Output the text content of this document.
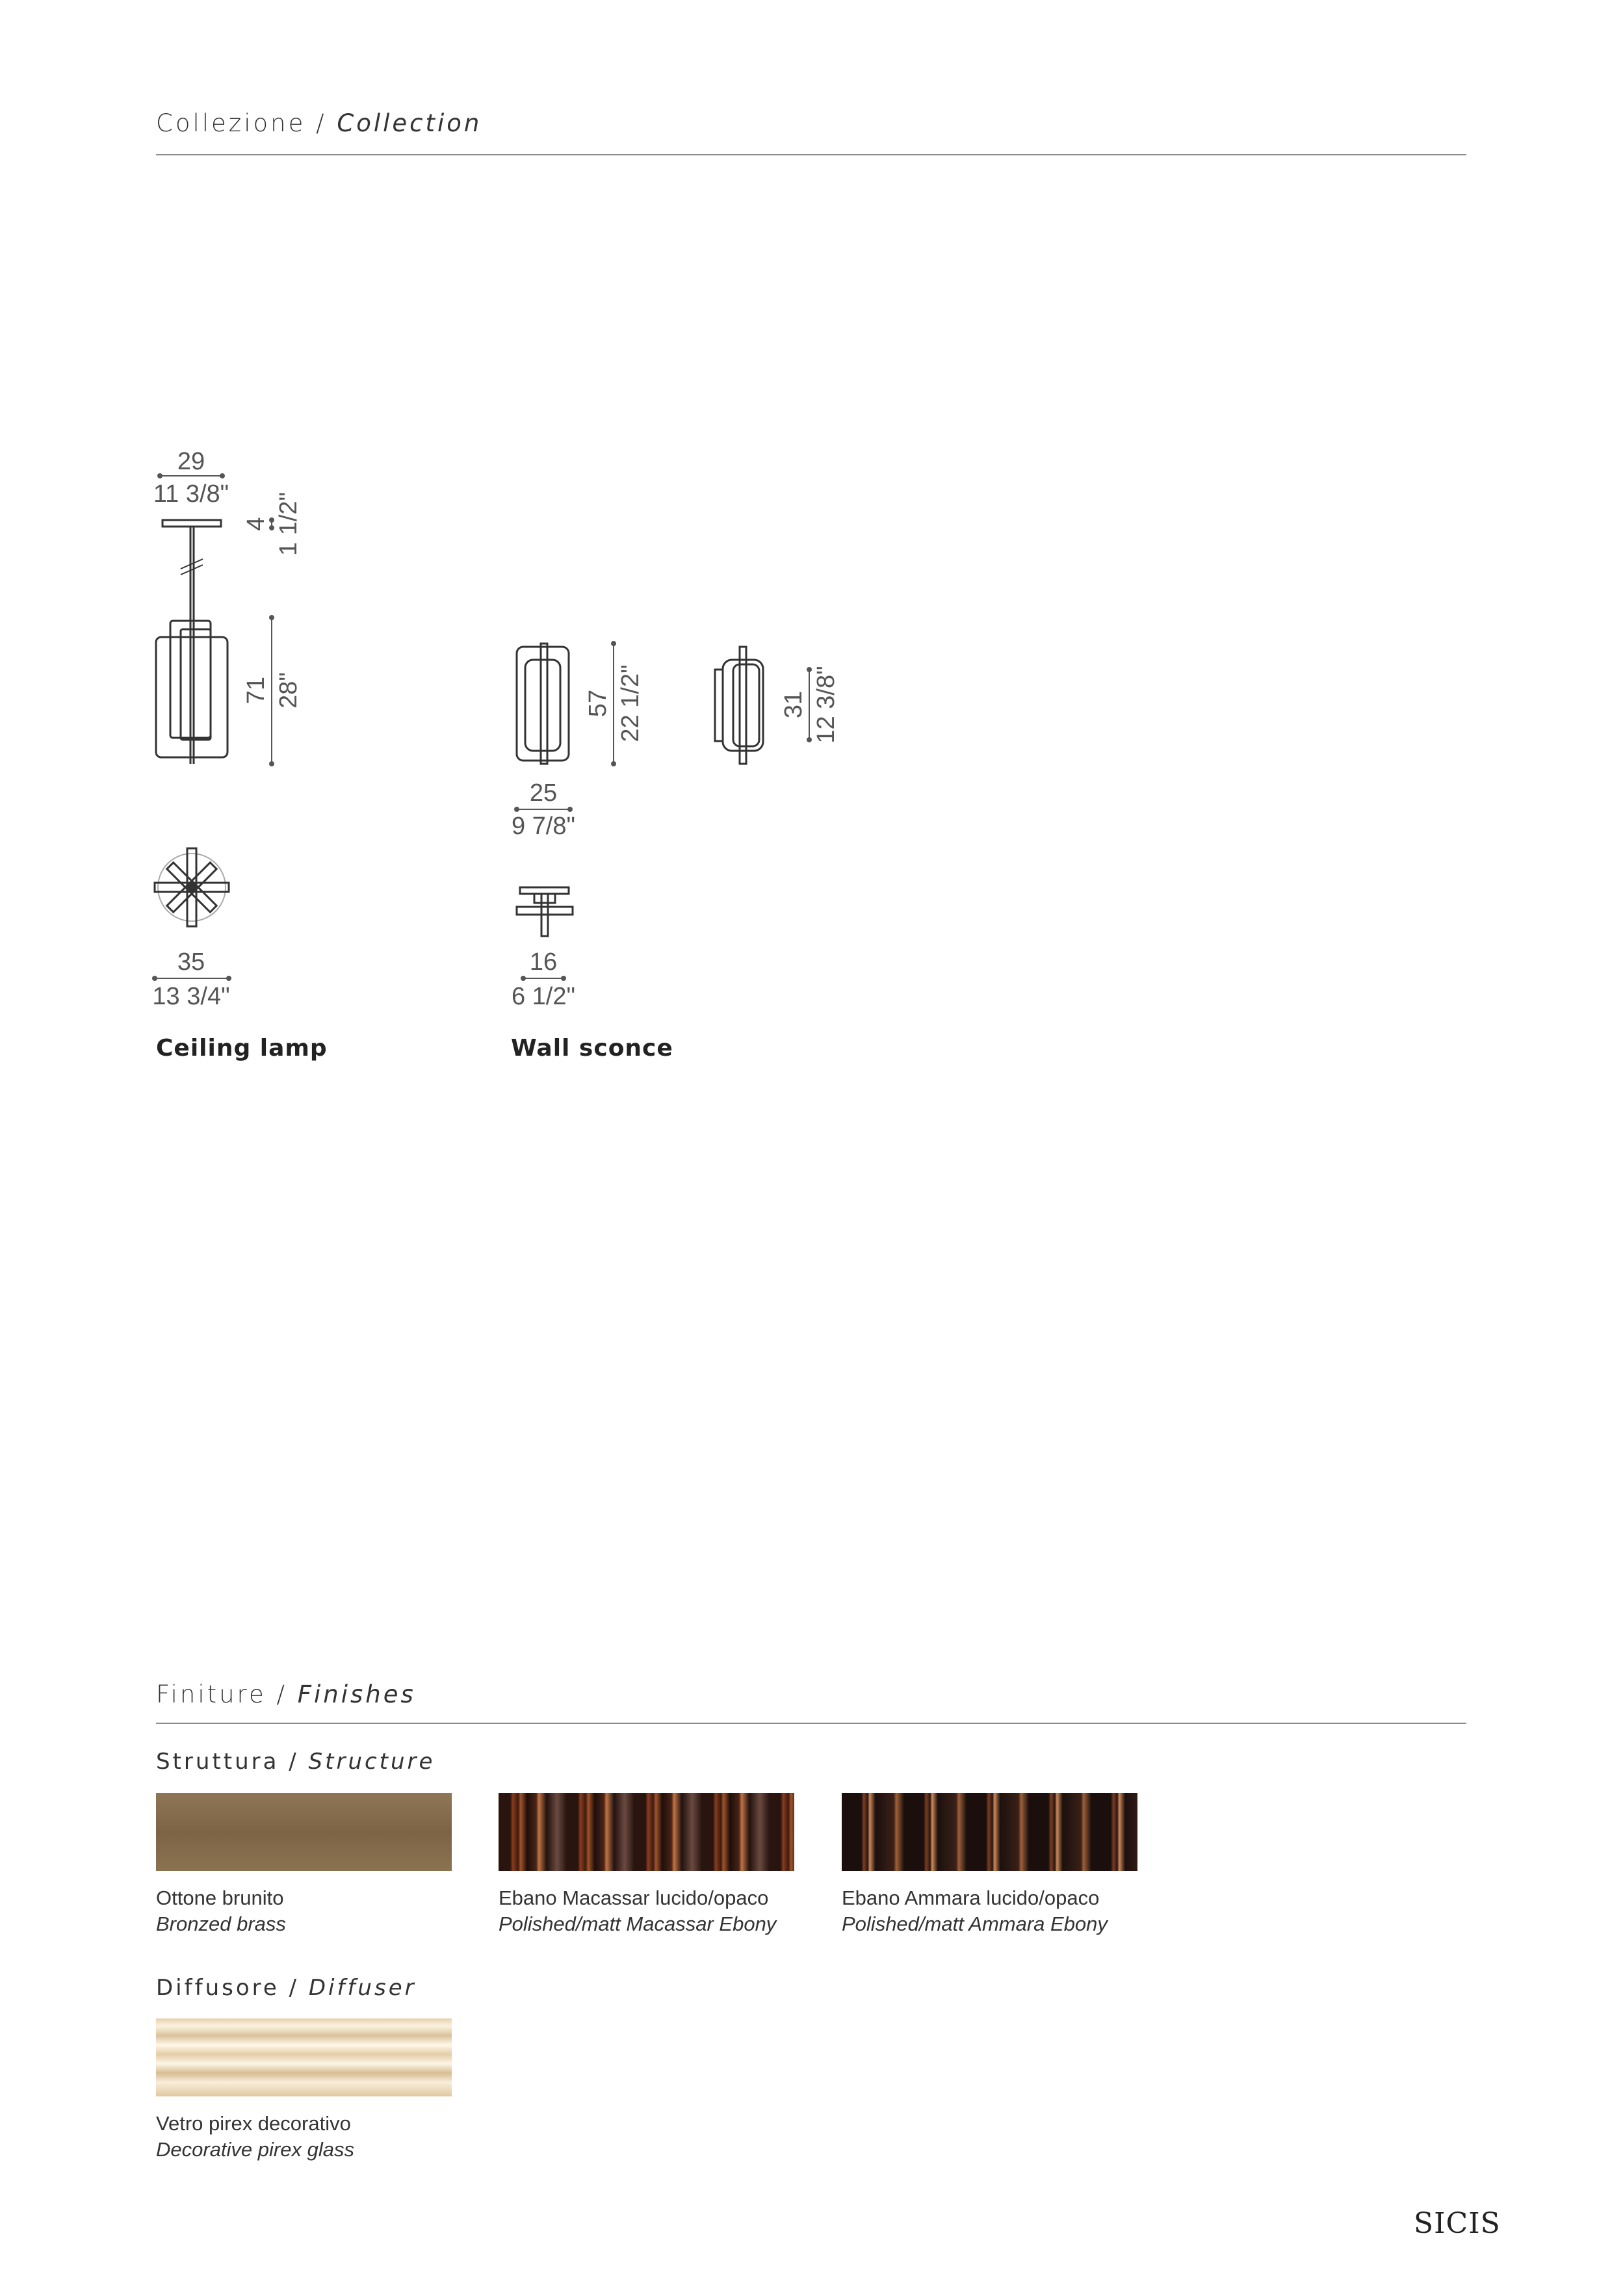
Collezione / Collection
29
11 3/8"
4 1 1/2"
71 28"
35
13 3/4"
57 22 1/2"
25
9 7/8"
31 12 3/8"
16
6 1/2"
Ceiling lamp	Wall sconce
Finiture / Finishes
Struttura / Structure
Ottone brunito
Bronzed brass
Ebano Macassar lucido/opaco
Polished/matt Macassar Ebony
Ebano Ammara lucido/opaco
Polished/matt Ammara Ebony
Diffusore / Diffuser
Vetro pirex decorativo
Decorative pirex glass
SICIS
